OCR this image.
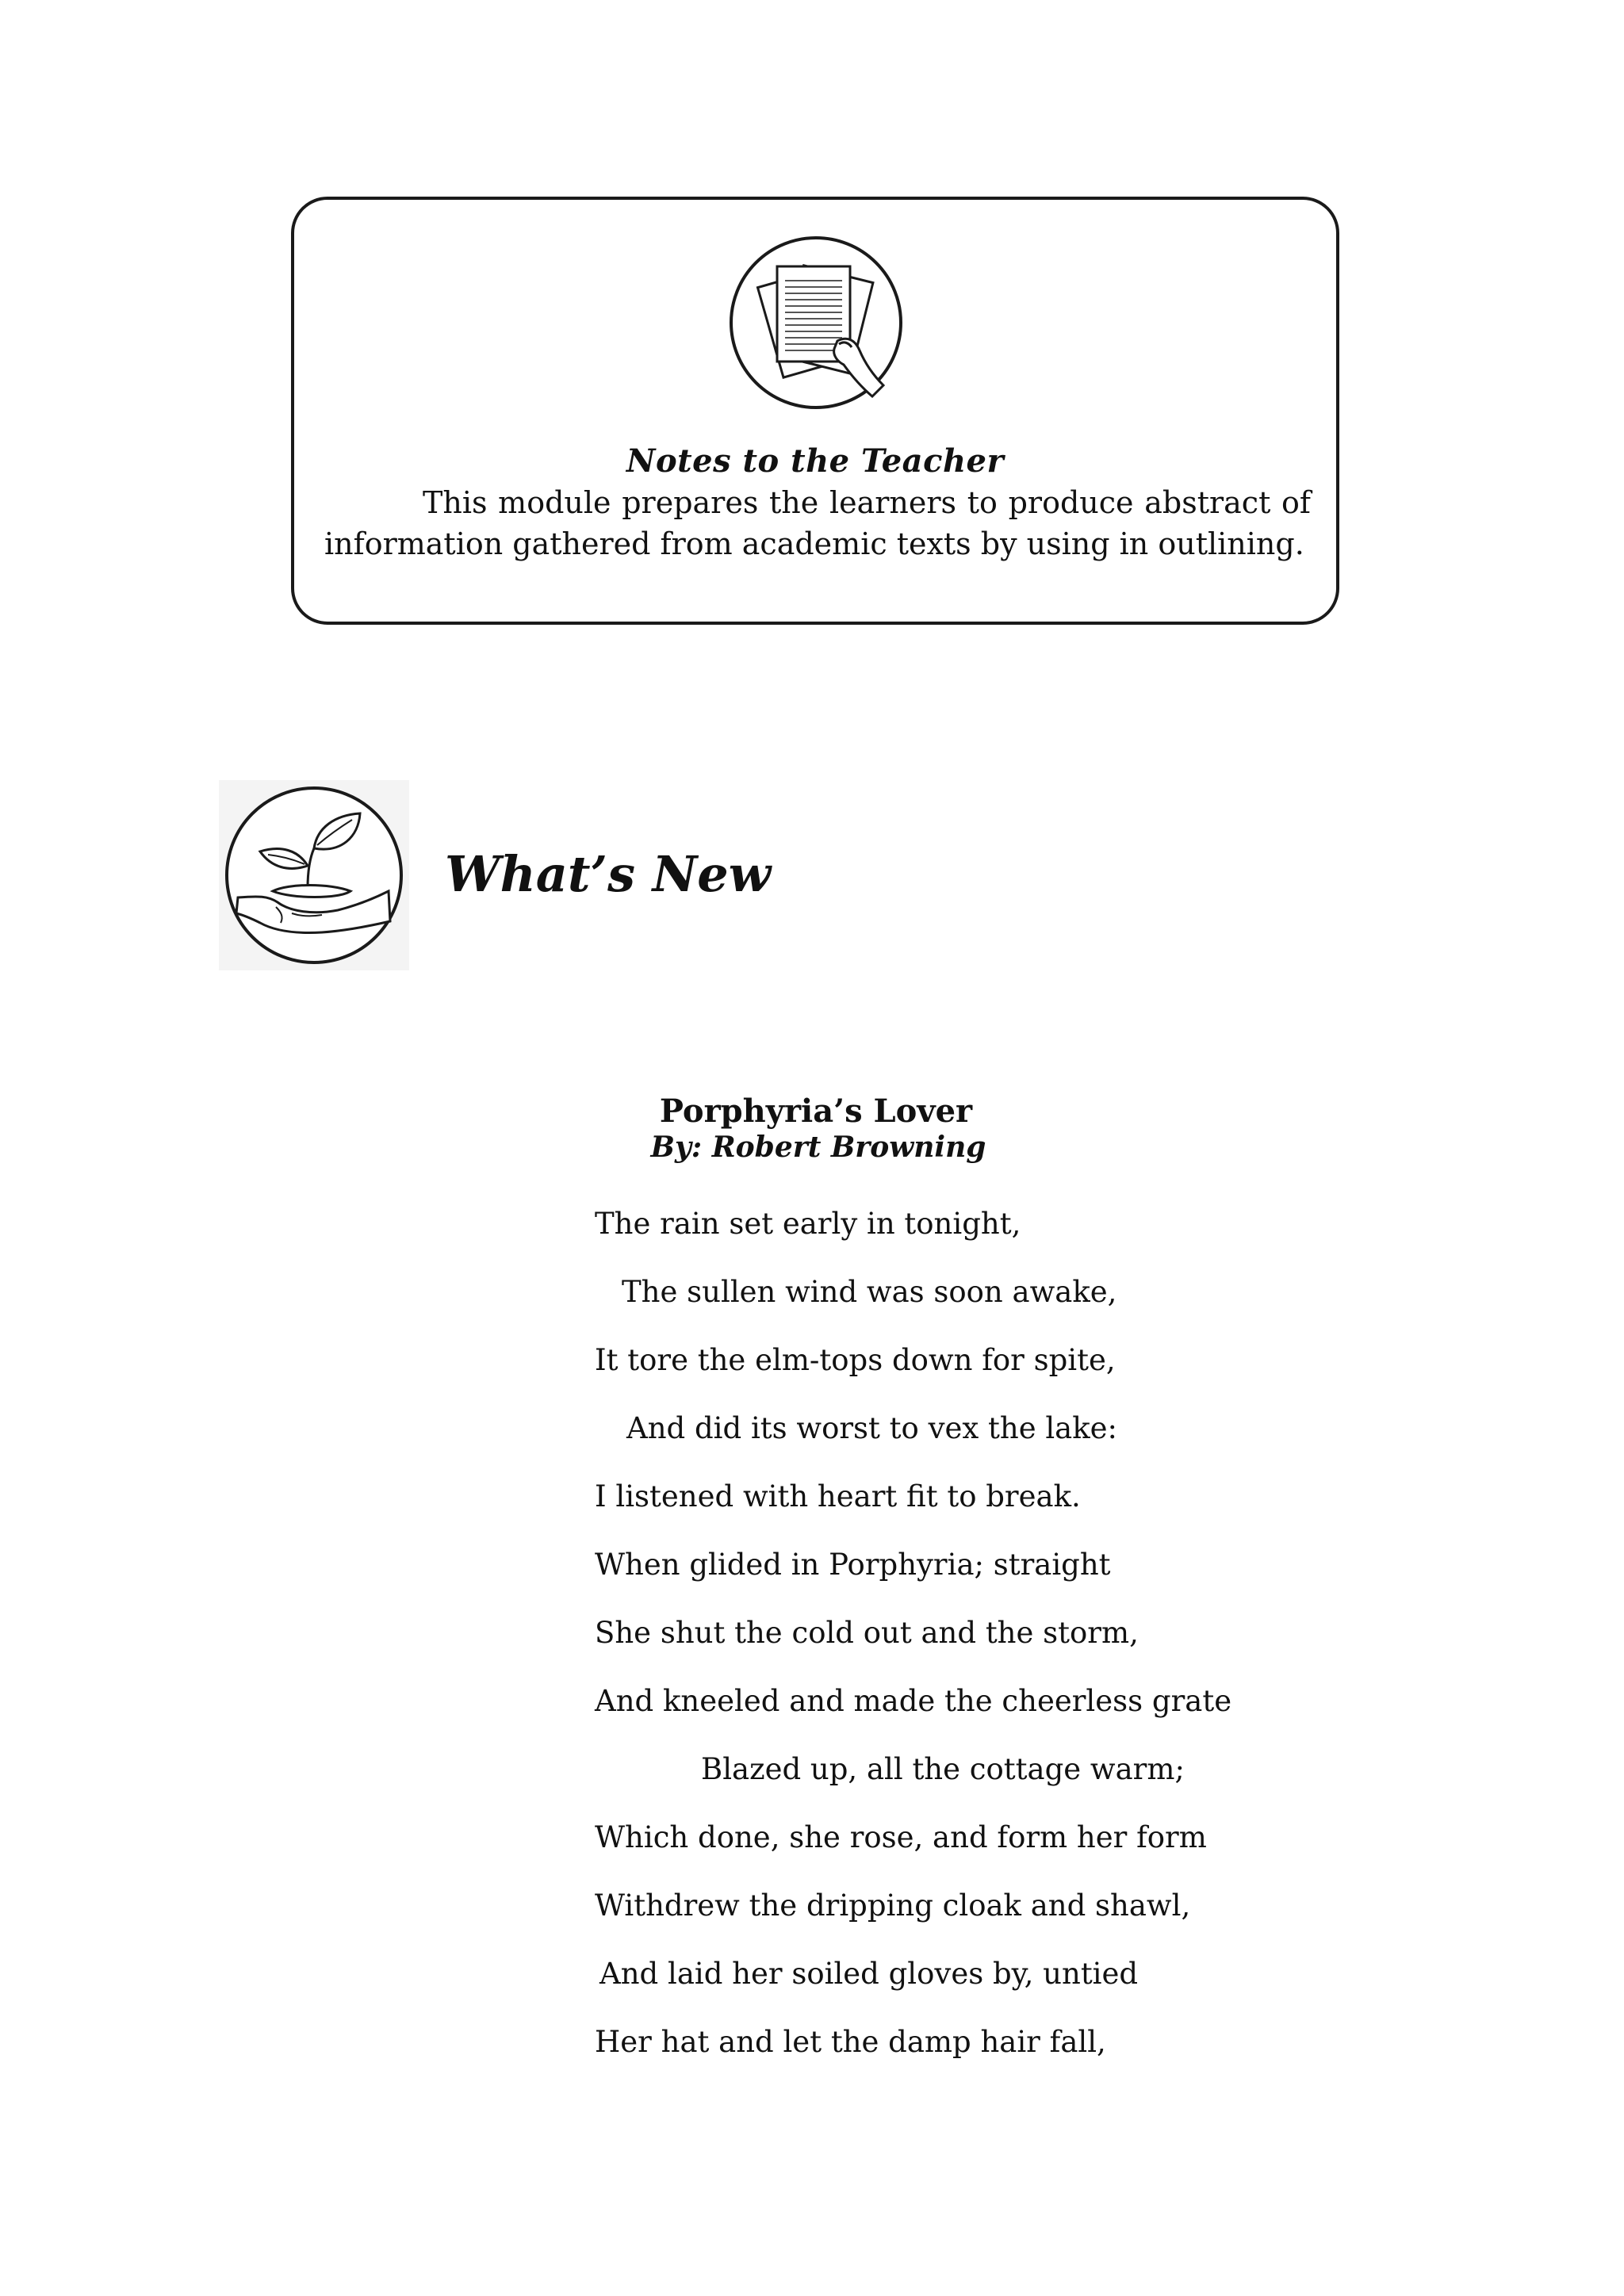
Notes to the Teacher
This module prepares the learners to produce abstract of information gathered from academic texts by using in outlining.
What’s New
Porphyria’s Lover
By: Robert Browning
The rain set early in tonight,
The sullen wind was soon awake,
It tore the elm-tops down for spite,
And did its worst to vex the lake:
I listened with heart fit to break.
When glided in Porphyria; straight
She shut the cold out and the storm,
And kneeled and made the cheerless grate
Blazed up, all the cottage warm;
Which done, she rose, and form her form
Withdrew the dripping cloak and shawl,
And laid her soiled gloves by, untied
Her hat and let the damp hair fall,
